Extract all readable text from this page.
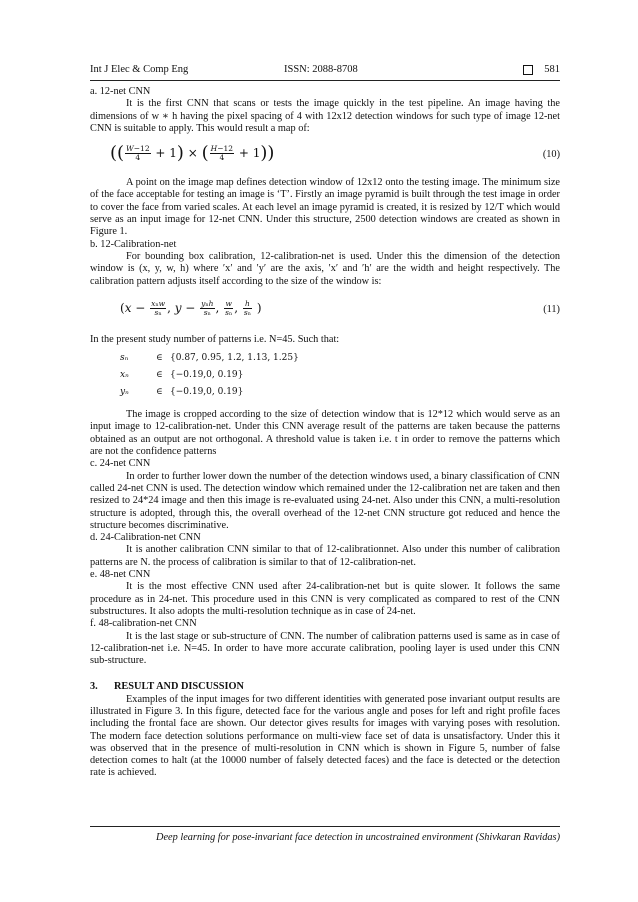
Int J Elec & Comp Eng	ISSN: 2088-8708	581

a. 12-net CNN

It is the first CNN that scans or tests the image quickly in the test pipeline. An image having the dimensions of w ∗ h having the pixel spacing of 4 with 12x12 detection windows for such type of image 12-net CNN is suitable to apply. This would result a map of:

(( $\frac{W-12}{4} + 1$) × ( $\frac{H-12}{4} + 1$))	(10)

A point on the image map defines detection window of 12x12 onto the testing image. The minimum size of the face acceptable for testing an image is ‘T’. Firstly an image pyramid is built through the test image in order to cover the face from varied scales. At each level an image pyramid is created, it is resized by 12/T which would serve as an input image for 12-net CNN. Under this structure, 2500 detection windows are created as shown in Figure 1.

b. 12-Calibration-net

For bounding box calibration, 12-calibration-net is used. Under this the dimension of the detection window is (x, y, w, h) where ′x′ and ′y′ are the axis, ′x′ and ′h′ are the width and height respectively. The calibration pattern adjusts itself according to the size of the window is:

($x - \frac{\text{xₙw}}{\text{sₙ}}$ , $y - \frac{\text{yₙh}}{\text{sₙ}}$ , $\frac{w}{\text{sₙ}}$ , $\frac{h}{\text{sₙ}}$ )	(11)

In the present study number of patterns i.e. N=45. Such that:

sₙ	∈ {0.87, 0.95, 1.2, 1.13, 1.25}
xₙ	∈ {−0.19,0, 0.19}
yₙ	∈ {−0.19,0, 0.19}

The image is cropped according to the size of detection window that is 12*12 which would serve as an input image to 12-calibration-net. Under this CNN average result of the patterns are taken because the patterns obtained as an output are not orthogonal. A threshold value is taken i.e. t in order to remove the patterns which are not the confidence patterns

c. 24-net CNN

In order to further lower down the number of the detection windows used, a binary classification of CNN called 24-net CNN is used. The detection window which remained under the 12-calibration net are taken and then resized to 24*24 image and then this image is re-evaluated using 24-net. Also under this CNN, a multi-resolution structure is adopted, through this, the overall overhead of the 12-net CNN structure got reduced and hence the structure becomes discriminative.

d. 24-Calibration-net CNN

It is another calibration CNN similar to that of 12-calibrationnet. Also under this number of calibration patterns are N. the process of calibration is similar to that of 12-calibration-net.

e. 48-net CNN

It is the most effective CNN used after 24-calibration-net but is quite slower. It follows the same procedure as in 24-net. This procedure used in this CNN is very complicated as compared to rest of the CNN substructures. It also adopts the multi-resolution technique as in case of 24-net.

f. 48-calibration-net CNN

It is the last stage or sub-structure of CNN. The number of calibration patterns used is same as in case of 12-calibration-net i.e. N=45. In order to have more accurate calibration, pooling layer is used under this CNN sub-structure.

3. RESULT AND DISCUSSION

Examples of the input images for two different identities with generated pose invariant output results are illustrated in Figure 3. In this figure, detected face for the various angle and poses for left and right profile faces including the frontal face are shown. Our detector gives results for images with varying poses with resolution. The modern face detection solutions performance on multi-view face set of data is unsatisfactory. Under this it was observed that in the presence of multi-resolution in CNN which is shown in Figure 5, number of false detection comes to halt (at the 10000 number of falsely detected faces) and the face is detected or the detection rate is achieved.

Deep learning for pose-invariant face detection in uncostrained environment (Shivkaran Ravidas)
